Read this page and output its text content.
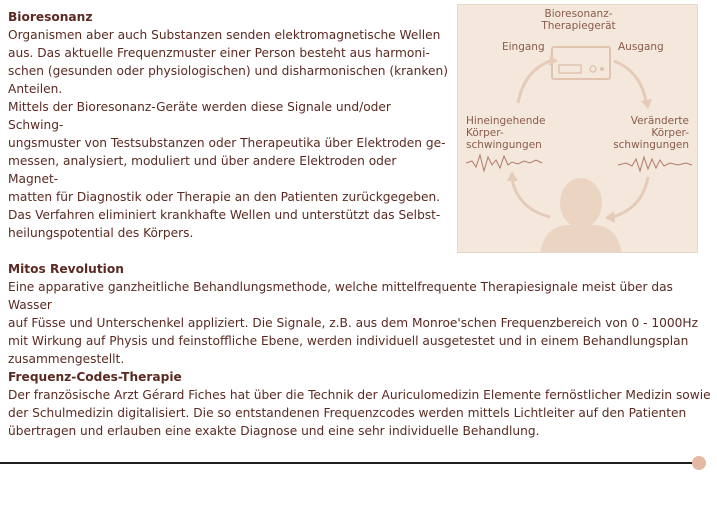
Bioresonanz

Organismen aber auch Substanzen senden elektromagnetische Wellen

aus. Das aktuelle Frequenzmuster einer Person besteht aus harmoni-

schen (gesunden oder physiologischen) und disharmonischen (kranken)

Anteilen.

Mittels der Bioresonanz-Geräte werden diese Signale und/oder Schwing-

ungsmuster von Testsubstanzen oder Therapeutika über Elektroden ge-

messen, analysiert, moduliert und über andere Elektroden oder Magnet-

matten für Diagnostik oder Therapie an den Patienten zurückgegeben.

Das Verfahren eliminiert krankhafte Wellen und unterstützt das Selbst-

heilungspotential des Körpers.

Bioresonanz-
Therapiegerät
Eingang	Ausgang
Hineingehende
Körper-
schwingungen
Veränderte
Körper-
schwingungen
Mitos Revolution

Eine apparative ganzheitliche Behandlungsmethode, welche mittelfrequente Therapiesignale meist über das Wasser

auf Füsse und Unterschenkel appliziert. Die Signale, z.B. aus dem Monroe'schen Frequenzbereich von 0 - 1000Hz

mit Wirkung auf Physis und feinstoffliche Ebene, werden individuell ausgetestet und in einem Behandlungsplan

zusammengestellt.

Frequenz-Codes-Therapie

Der französische Arzt Gérard Fiches hat über die Technik der Auriculomedizin Elemente fernöstlicher Medizin sowie

der Schulmedizin digitalisiert. Die so entstandenen Frequenzcodes werden mittels Lichtleiter auf den Patienten

übertragen und erlauben eine exakte Diagnose und eine sehr individuelle Behandlung.
